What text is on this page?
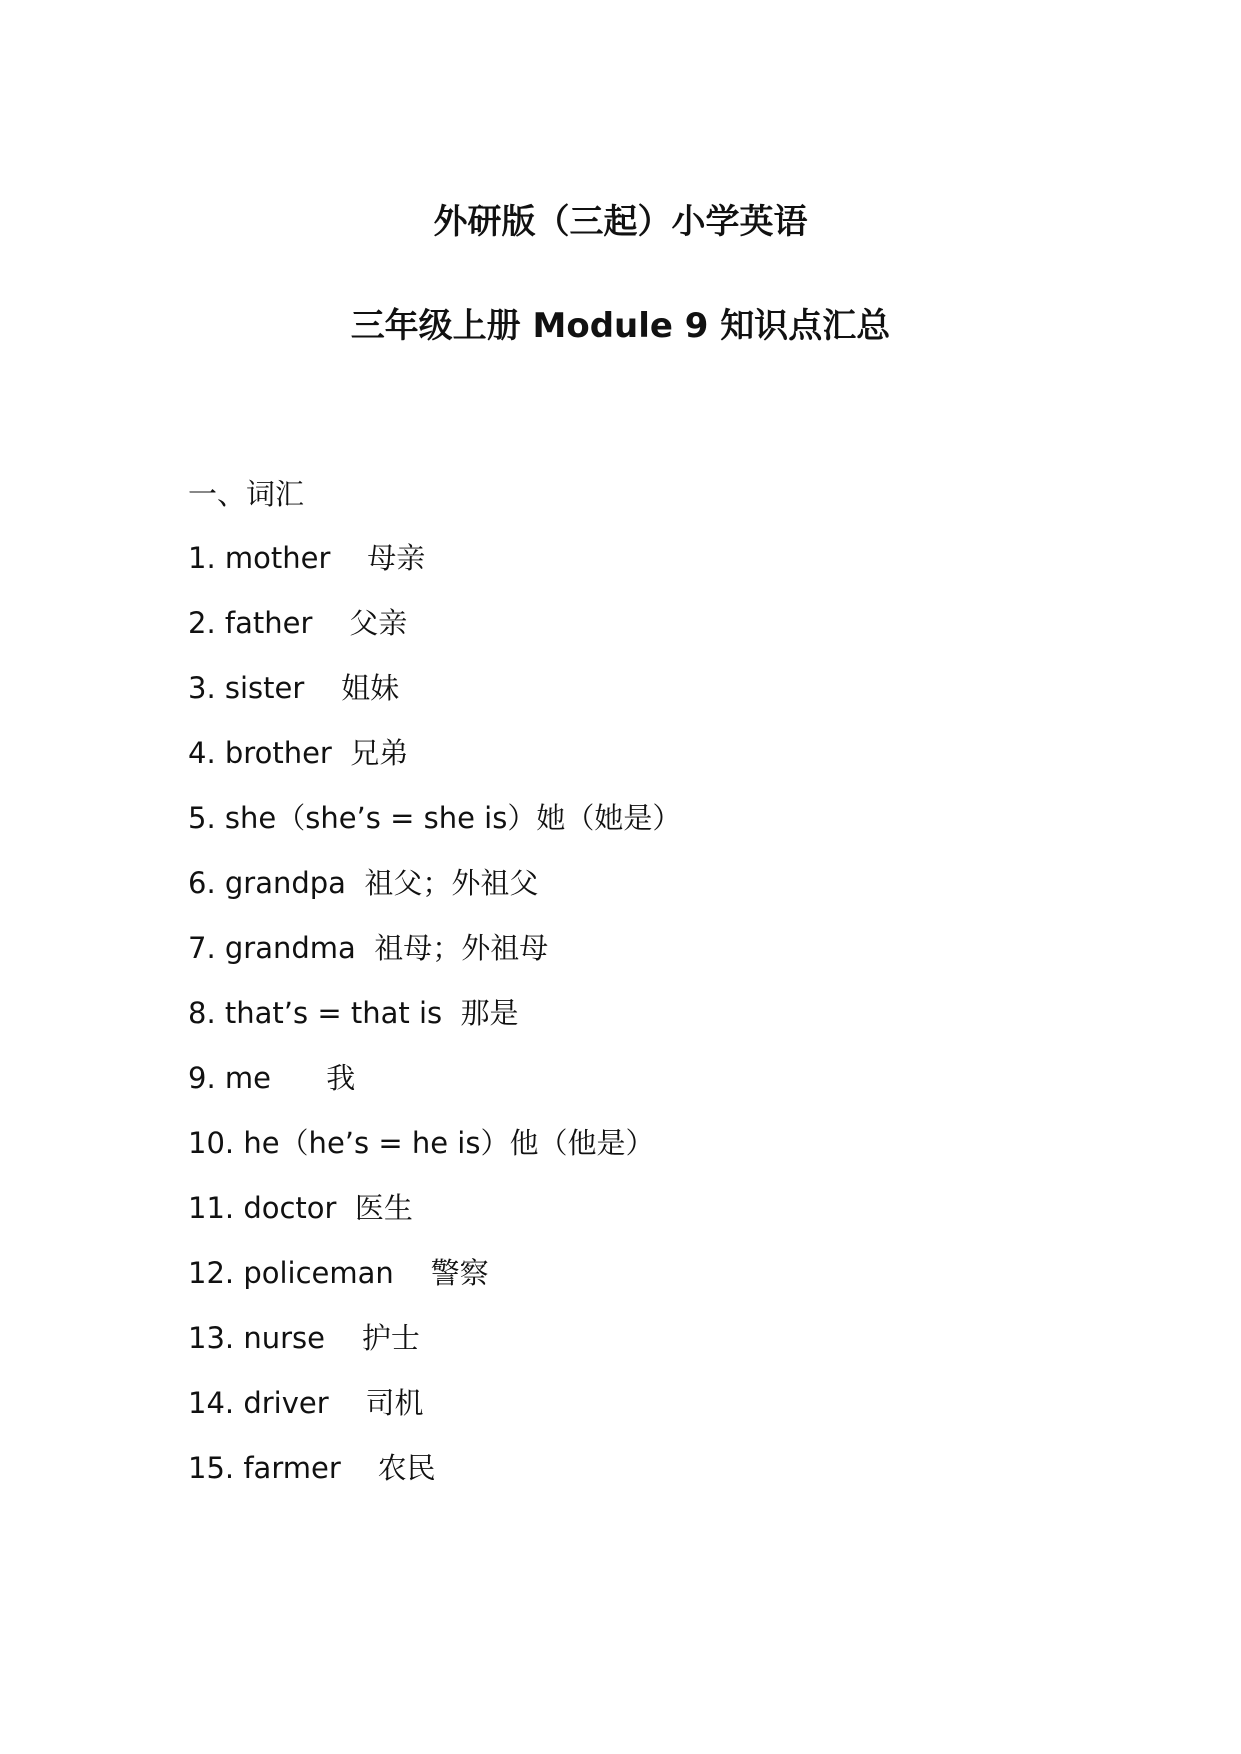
外研版（三起）小学英语
三年级上册 Module 9 知识点汇总
一、词汇
1. mother    母亲
2. father    父亲
3. sister    姐妹
4. brother  兄弟
5. she（she’s = she is）她（她是）
6. grandpa  祖父；外祖父
7. grandma  祖母；外祖母
8. that’s = that is  那是
9. me      我
10. he（he’s = he is）他（他是）
11. doctor  医生
12. policeman    警察
13. nurse    护士
14. driver    司机
15. farmer    农民
